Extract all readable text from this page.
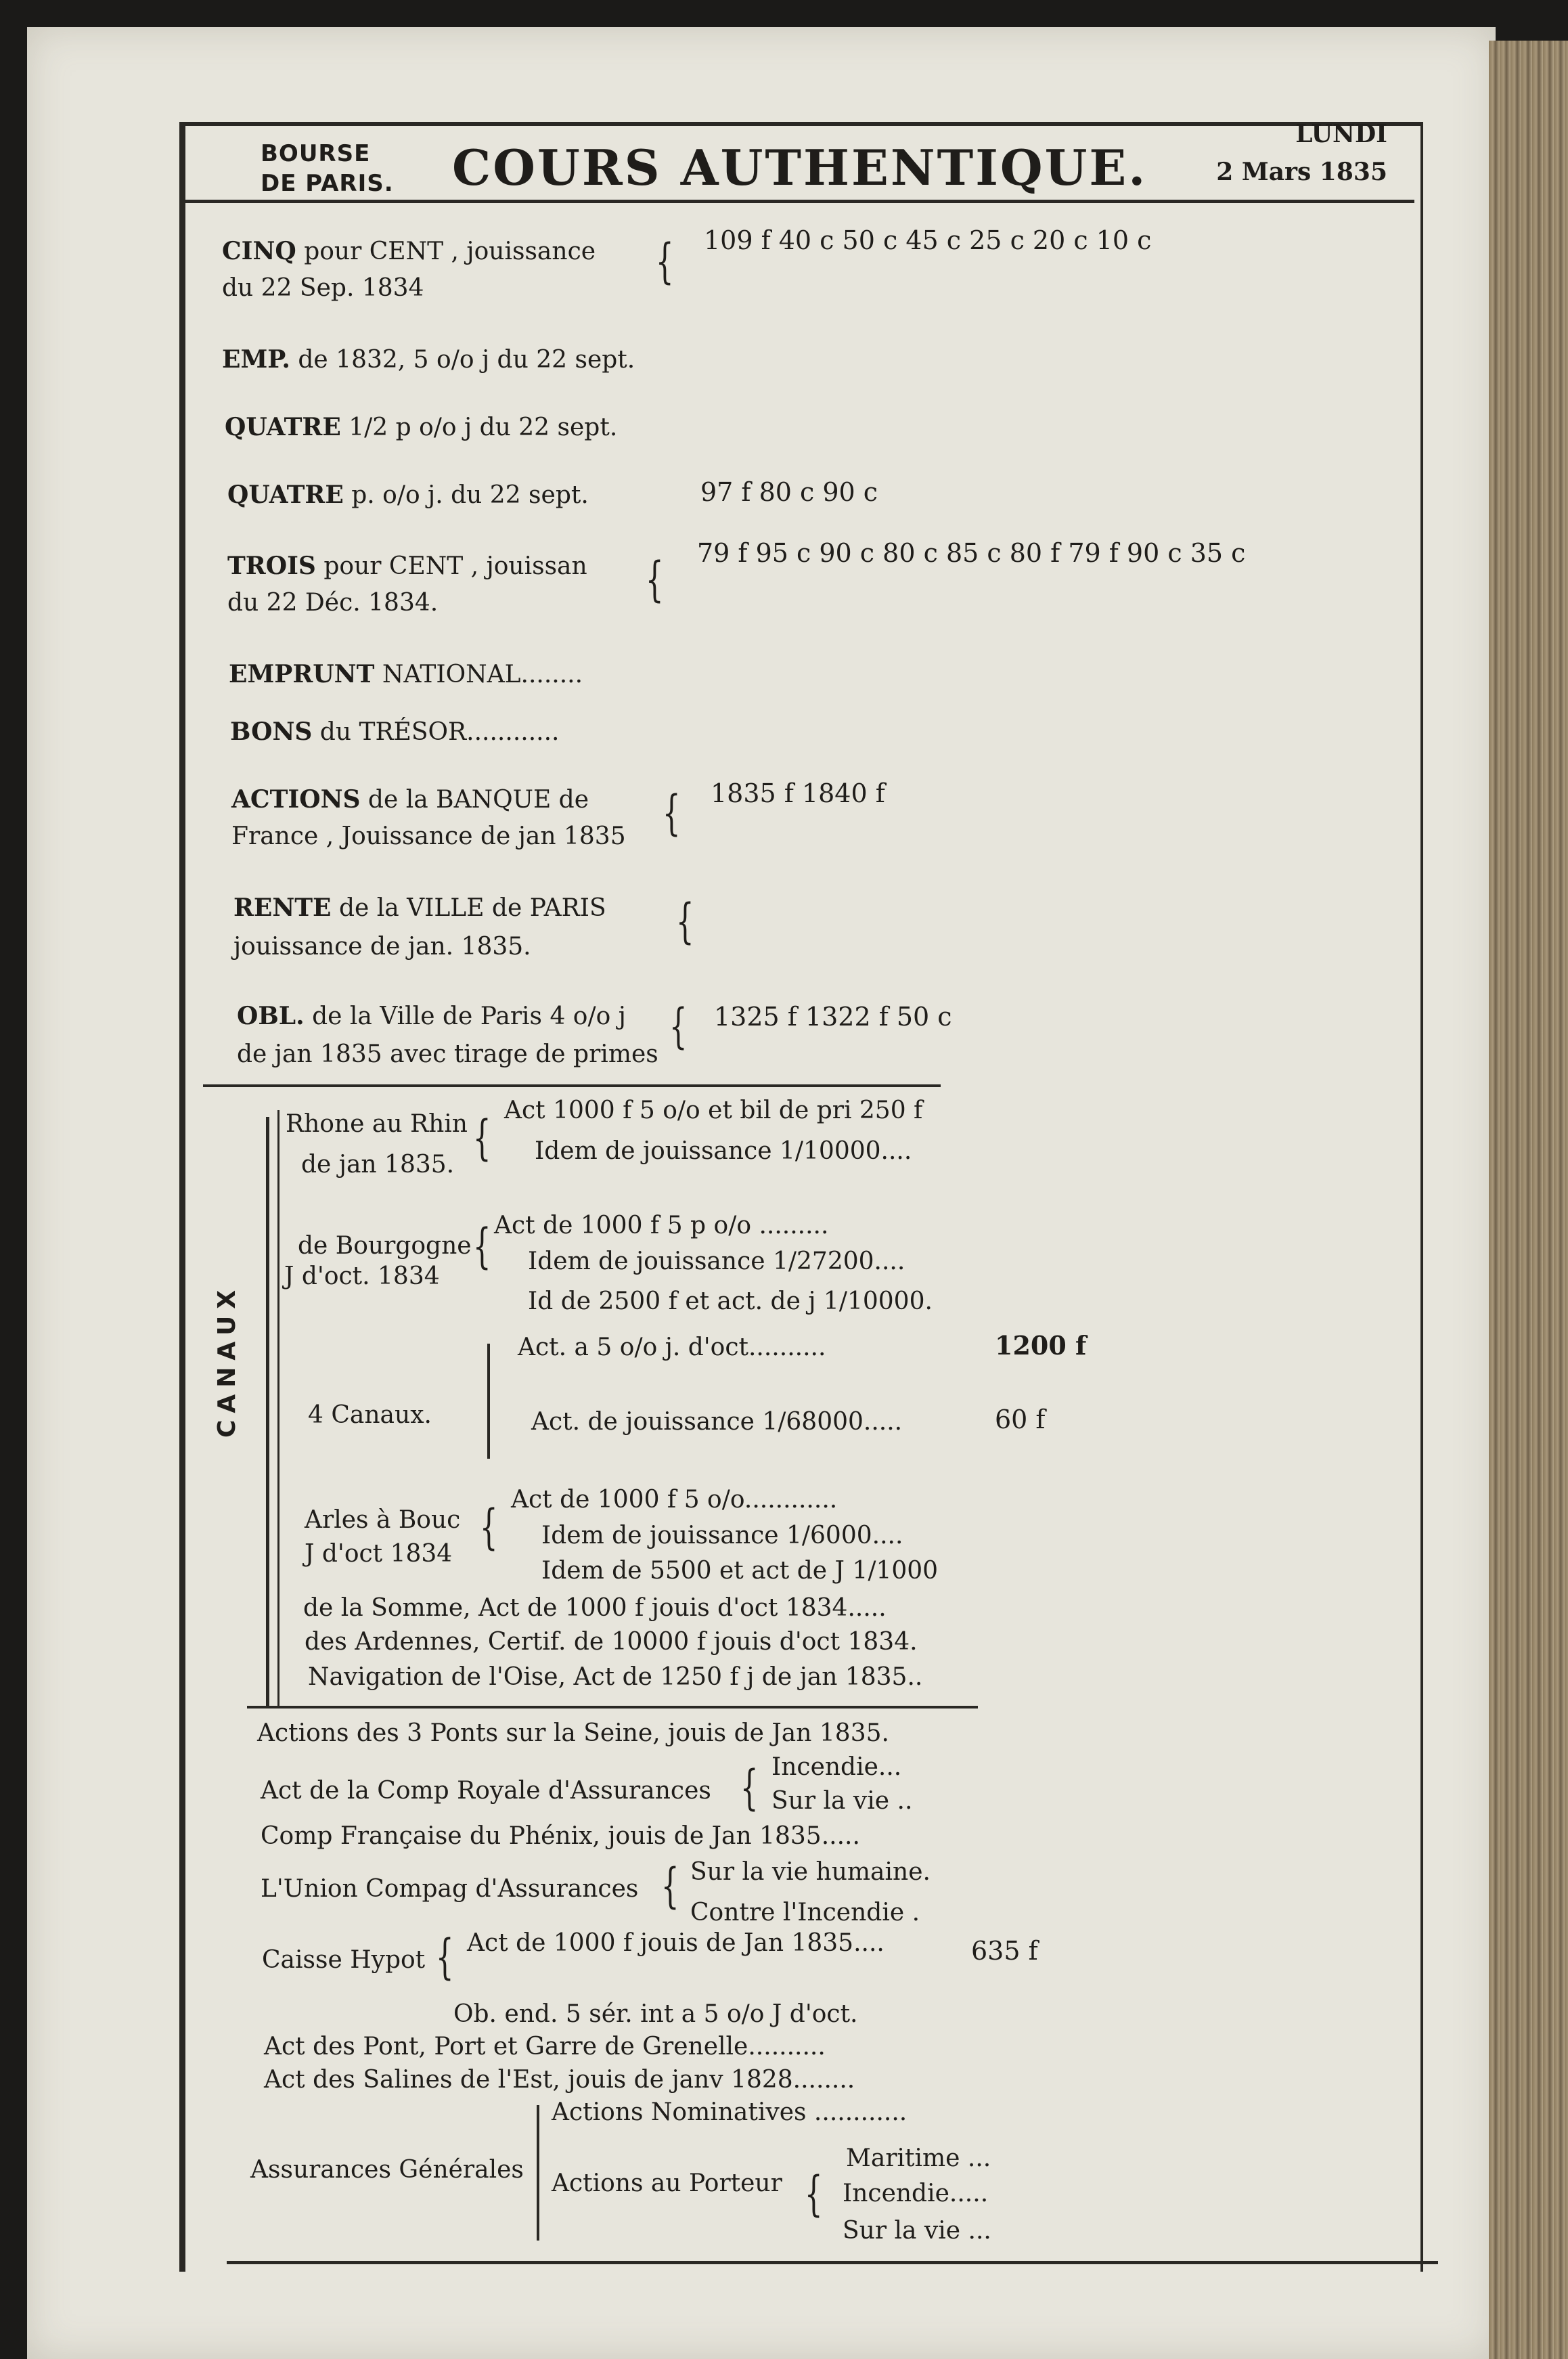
BOURSE
DE PARIS. COURS AUTHENTIQUE.
LUNDI
2 Mars 1835
CINQ pour CENT , jouissance
du 22 Sep. 1834	{ 109 f 40 c 50 c 45 c 25 c 20 c 10 c
EMP. de 1832, 5 o/o j du 22 sept.
QUATRE 1/2 p o/o j du 22 sept.
QUATRE p. o/o j. du 22 sept.	97 f 80 c 90 c
TROIS pour CENT , jouissan
du 22 Déc. 1834.	{ 79 f 95 c 90 c 80 c 85 c 80 f 79 f 90 c 35 c
EMPRUNT NATIONAL........
BONS du TRÉSOR............
ACTIONS de la BANQUE de
France , Jouissance de jan 1835 { 1835 f 1840 f
RENTE de la VILLE de PARIS
jouissance de jan. 1835.	{
OBL. de la Ville de Paris 4 o/o j
de jan 1835 avec tirage de primes
{ 1325 f 1322 f 50 c
CANAUX
Rhone au Rhin
de jan 1835. { Act 1000 f 5 o/o et bil de pri 250 f
Idem de jouissance 1/10000....
de Bourgogne
J d'oct. 1834
{ Act de 1000 f 5 p o/o .........
Idem de jouissance 1/27200....
Id de 2500 f et act. de j 1/10000.
4 Canaux.
Act. a 5 o/o j. d'oct..........	1200 f
Act. de jouissance 1/68000.....	60 f
Arles à Bouc
J d'oct 1834 { Act de 1000 f 5 o/o............
Idem de jouissance 1/6000....
Idem de 5500 et act de J 1/1000
de la Somme, Act de 1000 f jouis d'oct 1834.....
des Ardennes, Certif. de 10000 f jouis d'oct 1834.
Navigation de l'Oise, Act de 1250 f j de jan 1835..
Actions des 3 Ponts sur la Seine, jouis de Jan 1835.
Act de la Comp Royale d'Assurances { Incendie...
Sur la vie ..
Comp Française du Phénix, jouis de Jan 1835.....
L'Union Compag d'Assurances { Sur la vie humaine.
Contre l'Incendie .
Caisse Hypot { Act de 1000 f jouis de Jan 1835....	635 f
Ob. end. 5 sér. int a 5 o/o J d'oct.
Act des Pont, Port et Garre de Grenelle..........
Act des Salines de l'Est, jouis de janv 1828........
Assurances Générales
Actions Nominatives ............
Actions au Porteur {
Maritime ...
Incendie.....
Sur la vie ...
